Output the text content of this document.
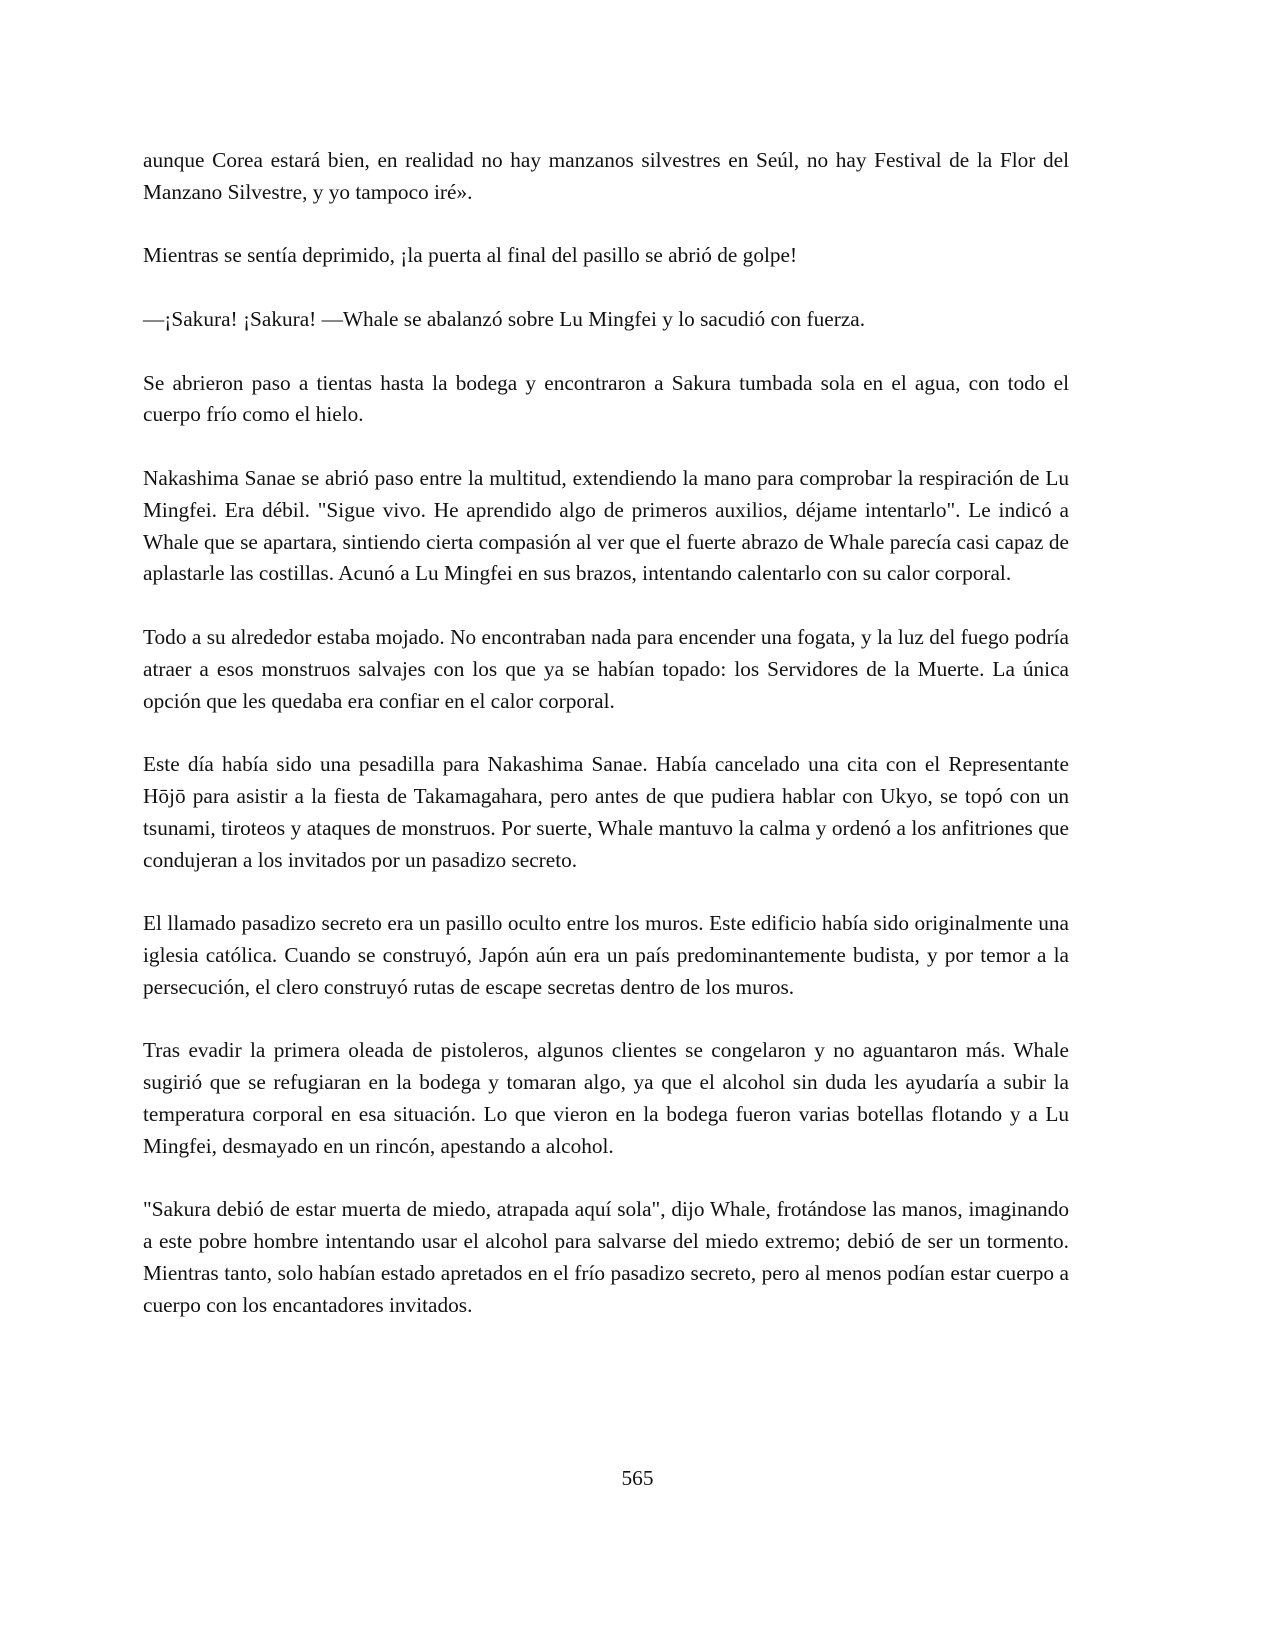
aunque Corea estará bien, en realidad no hay manzanos silvestres en Seúl, no hay Festival de la Flor del Manzano Silvestre, y yo tampoco iré».

Mientras se sentía deprimido, ¡la puerta al final del pasillo se abrió de golpe!

—¡Sakura! ¡Sakura! —Whale se abalanzó sobre Lu Mingfei y lo sacudió con fuerza.

Se abrieron paso a tientas hasta la bodega y encontraron a Sakura tumbada sola en el agua, con todo el cuerpo frío como el hielo.

Nakashima Sanae se abrió paso entre la multitud, extendiendo la mano para comprobar la respiración de Lu Mingfei. Era débil. "Sigue vivo. He aprendido algo de primeros auxilios, déjame intentarlo". Le indicó a Whale que se apartara, sintiendo cierta compasión al ver que el fuerte abrazo de Whale parecía casi capaz de aplastarle las costillas. Acunó a Lu Mingfei en sus brazos, intentando calentarlo con su calor corporal.

Todo a su alrededor estaba mojado. No encontraban nada para encender una fogata, y la luz del fuego podría atraer a esos monstruos salvajes con los que ya se habían topado: los Servidores de la Muerte. La única opción que les quedaba era confiar en el calor corporal.

Este día había sido una pesadilla para Nakashima Sanae. Había cancelado una cita con el Representante Hōjō para asistir a la fiesta de Takamagahara, pero antes de que pudiera hablar con Ukyo, se topó con un tsunami, tiroteos y ataques de monstruos. Por suerte, Whale mantuvo la calma y ordenó a los anfitriones que condujeran a los invitados por un pasadizo secreto.

El llamado pasadizo secreto era un pasillo oculto entre los muros. Este edificio había sido originalmente una iglesia católica. Cuando se construyó, Japón aún era un país predominantemente budista, y por temor a la persecución, el clero construyó rutas de escape secretas dentro de los muros.

Tras evadir la primera oleada de pistoleros, algunos clientes se congelaron y no aguantaron más. Whale sugirió que se refugiaran en la bodega y tomaran algo, ya que el alcohol sin duda les ayudaría a subir la temperatura corporal en esa situación. Lo que vieron en la bodega fueron varias botellas flotando y a Lu Mingfei, desmayado en un rincón, apestando a alcohol.

"Sakura debió de estar muerta de miedo, atrapada aquí sola", dijo Whale, frotándose las manos, imaginando a este pobre hombre intentando usar el alcohol para salvarse del miedo extremo; debió de ser un tormento. Mientras tanto, solo habían estado apretados en el frío pasadizo secreto, pero al menos podían estar cuerpo a cuerpo con los encantadores invitados.

565
